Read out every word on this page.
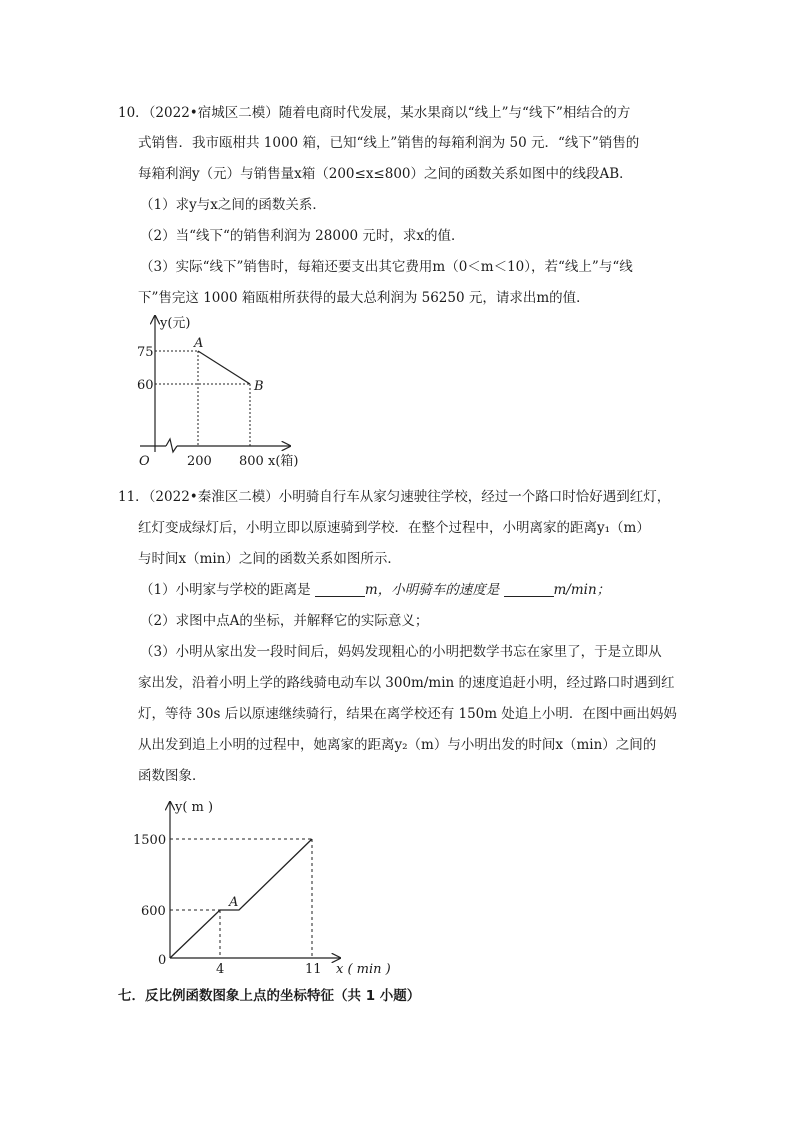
10．（2022•宿城区二模）随着电商时代发展，某水果商以“线上”与“线下”相结合的方
式销售．我市瓯柑共 1000 箱，已知“线上”销售的每箱利润为 50 元．“线下”销售的
每箱利润y（元）与销售量x箱（200≤x≤800）之间的函数关系如图中的线段AB．
（1）求y与x之间的函数关系．
（2）当“线下“的销售利润为 28000 元时，求x的值．
（3）实际“线下”销售时，每箱还要支出其它费用m（0＜m＜10），若“线上”与“线
下”售完这 1000 箱瓯柑所获得的最大总利润为 56250 元，请求出m的值．
y(元)
75
60
O	200 800 x(箱)
A
B
11．（2022•秦淮区二模）小明骑自行车从家匀速驶往学校，经过一个路口时恰好遇到红灯，
红灯变成绿灯后，小明立即以原速骑到学校．在整个过程中，小明离家的距离y₁（m）
与时间x（min）之间的函数关系如图所示．
（1）小明家与学校的距离是	m，小明骑车的速度是	m/min；
（2）求图中点A的坐标，并解释它的实际意义；
（3）小明从家出发一段时间后，妈妈发现粗心的小明把数学书忘在家里了，于是立即从
家出发，沿着小明上学的路线骑电动车以 300m/min 的速度追赶小明，经过路口时遇到红
灯，等待 30s 后以原速继续骑行，结果在离学校还有 150m 处追上小明．在图中画出妈妈
从出发到追上小明的过程中，她离家的距离y₂（m）与小明出发的时间x（min）之间的
函数图象．
y( m )
1500
600
0
4	11 x ( min )
A
七．反比例函数图象上点的坐标特征（共 1 小题）
